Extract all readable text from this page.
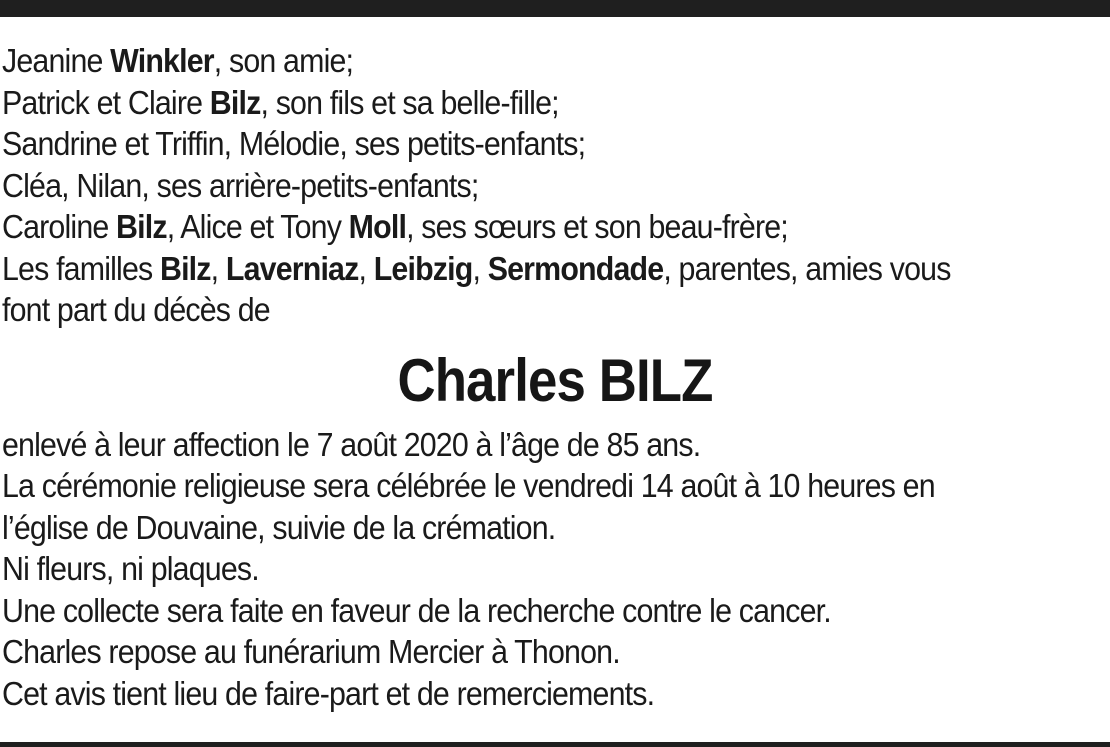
Jeanine Winkler, son amie;
Patrick et Claire Bilz, son fils et sa belle-fille;
Sandrine et Triffin, Mélodie, ses petits-enfants;
Cléa, Nilan, ses arrière-petits-enfants;
Caroline Bilz, Alice et Tony Moll, ses sœurs et son beau-frère;
Les familles Bilz, Laverniaz, Leibzig, Sermondade, parentes, amies vous
font part du décès de
Charles BILZ
enlevé à leur affection le 7 août 2020 à l’âge de 85 ans.
La cérémonie religieuse sera célébrée le vendredi 14 août à 10 heures en
l’église de Douvaine, suivie de la crémation.
Ni fleurs, ni plaques.
Une collecte sera faite en faveur de la recherche contre le cancer.
Charles repose au funérarium Mercier à Thonon.
Cet avis tient lieu de faire-part et de remerciements.
